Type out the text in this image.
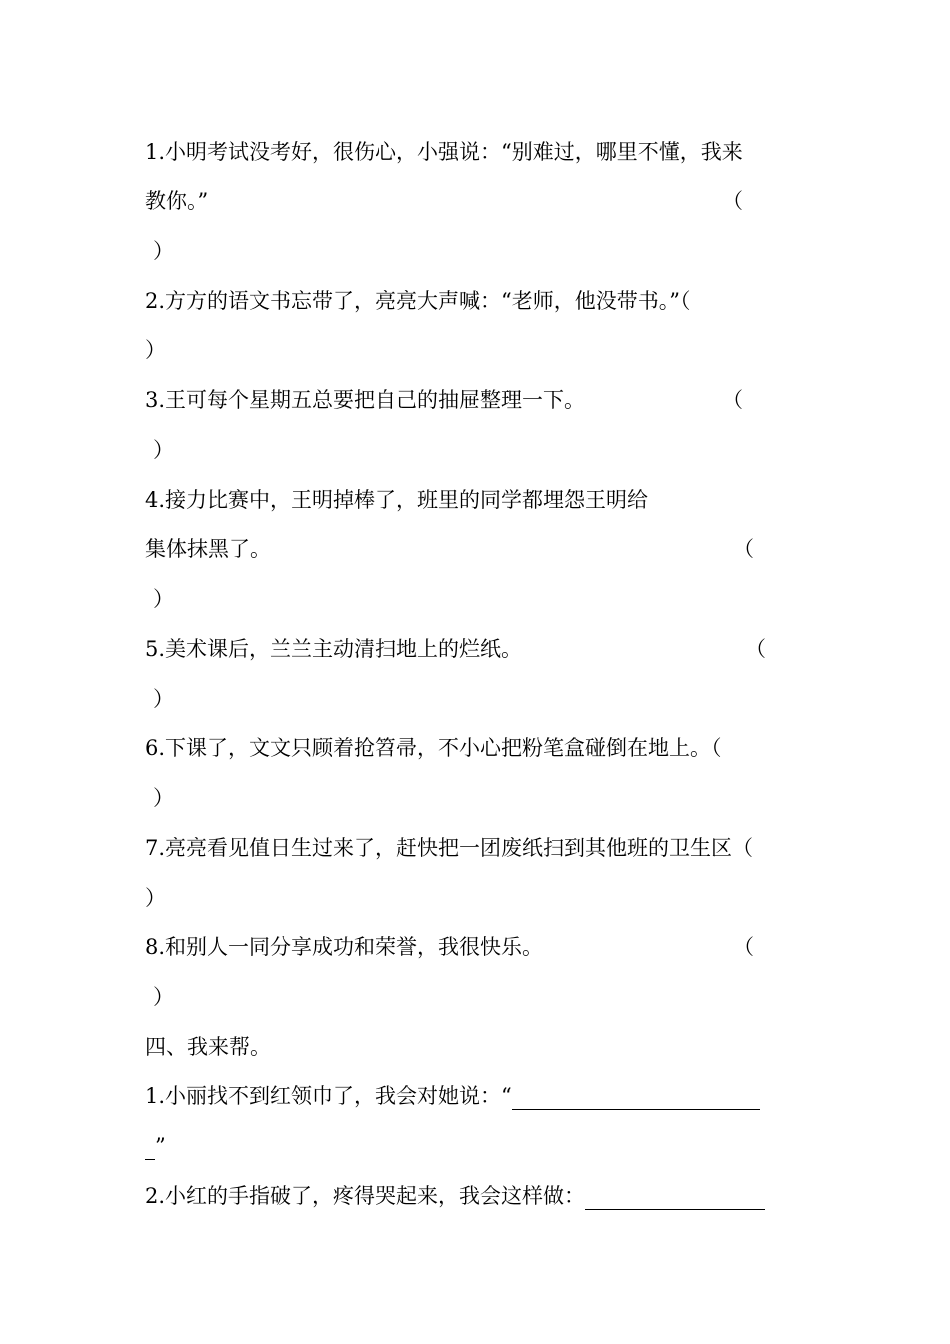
1.小明考试没考好，很伤心，小强说：“别难过，哪里不懂，我来
教你。”	（
）
2.方方的语文书忘带了，亮亮大声喊：“老师，他没带书。”（
）
3.王可每个星期五总要把自己的抽屉整理一下。	（
）
4.接力比赛中，王明掉棒了，班里的同学都埋怨王明给
集体抹黑了。	（
）
5.美术课后，兰兰主动清扫地上的烂纸。	（
）
6.下课了，文文只顾着抢笤帚，不小心把粉笔盒碰倒在地上。（
）
7.亮亮看见值日生过来了，赶快把一团废纸扫到其他班的卫生区（
）
8.和别人一同分享成功和荣誉，我很快乐。	（
）
四、我来帮。
1.小丽找不到红领巾了，我会对她说：“
”
2.小红的手指破了，疼得哭起来，我会这样做：
